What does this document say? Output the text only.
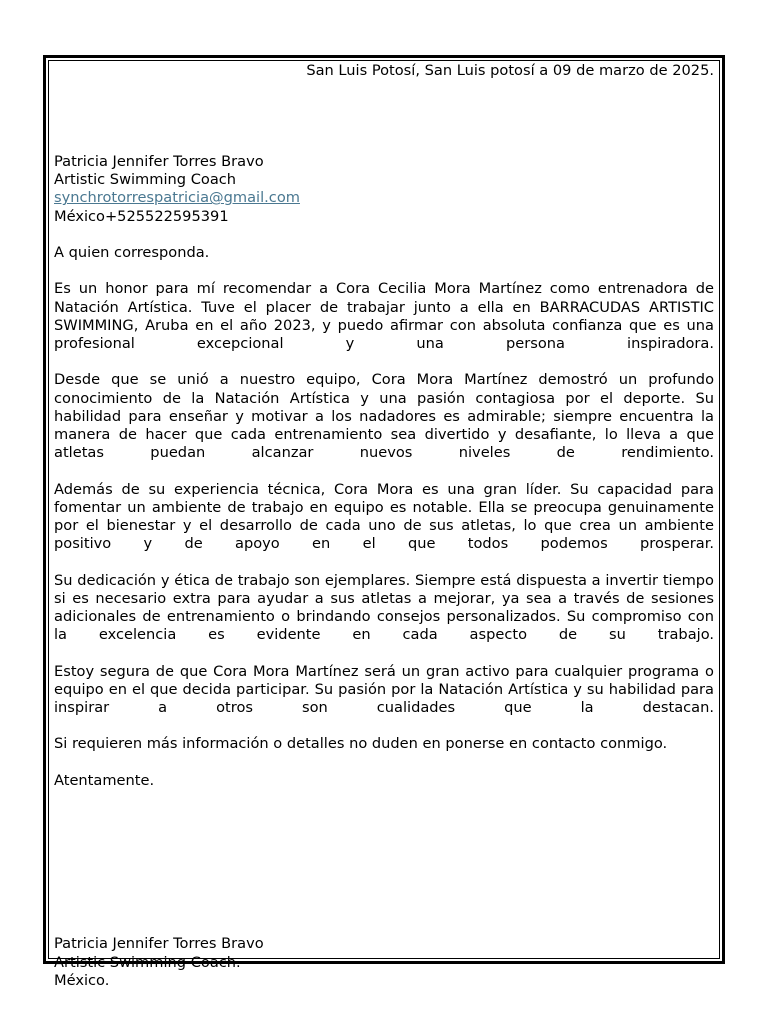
San Luis Potosí, San Luis potosí a 09 de marzo de 2025.

Patricia Jennifer Torres Bravo

Artistic Swimming Coach

synchrotorrespatricia@gmail.com

México+525522595391

A quien corresponda.

Es un honor para mí recomendar a Cora Cecilia Mora Martínez como entrenadora de Natación Artística. Tuve el placer de trabajar junto a ella en BARRACUDAS ARTISTIC SWIMMING, Aruba en el año 2023, y puedo afirmar con absoluta confianza que es una profesional excepcional y una persona inspiradora.

Desde que se unió a nuestro equipo, Cora Mora Martínez demostró un profundo conocimiento de la Natación Artística y una pasión contagiosa por el deporte. Su habilidad para enseñar y motivar a los nadadores es admirable; siempre encuentra la manera de hacer que cada entrenamiento sea divertido y desafiante, lo lleva a que atletas puedan alcanzar nuevos niveles de rendimiento.

Además de su experiencia técnica, Cora Mora es una gran líder. Su capacidad para fomentar un ambiente de trabajo en equipo es notable. Ella se preocupa genuinamente por el bienestar y el desarrollo de cada uno de sus atletas, lo que crea un ambiente positivo y de apoyo en el que todos podemos prosperar.

Su dedicación y ética de trabajo son ejemplares. Siempre está dispuesta a invertir tiempo si es necesario extra para ayudar a sus atletas a mejorar, ya sea a través de sesiones adicionales de entrenamiento o brindando consejos personalizados. Su compromiso con la excelencia es evidente en cada aspecto de su trabajo.

Estoy segura de que Cora Mora Martínez será un gran activo para cualquier programa o equipo en el que decida participar. Su pasión por la Natación Artística y su habilidad para inspirar a otros son cualidades que la destacan.

Si requieren más información o detalles no duden en ponerse en contacto conmigo.

Atentamente.

Patricia Jennifer Torres Bravo

Artistic Swimming Coach.

México.
